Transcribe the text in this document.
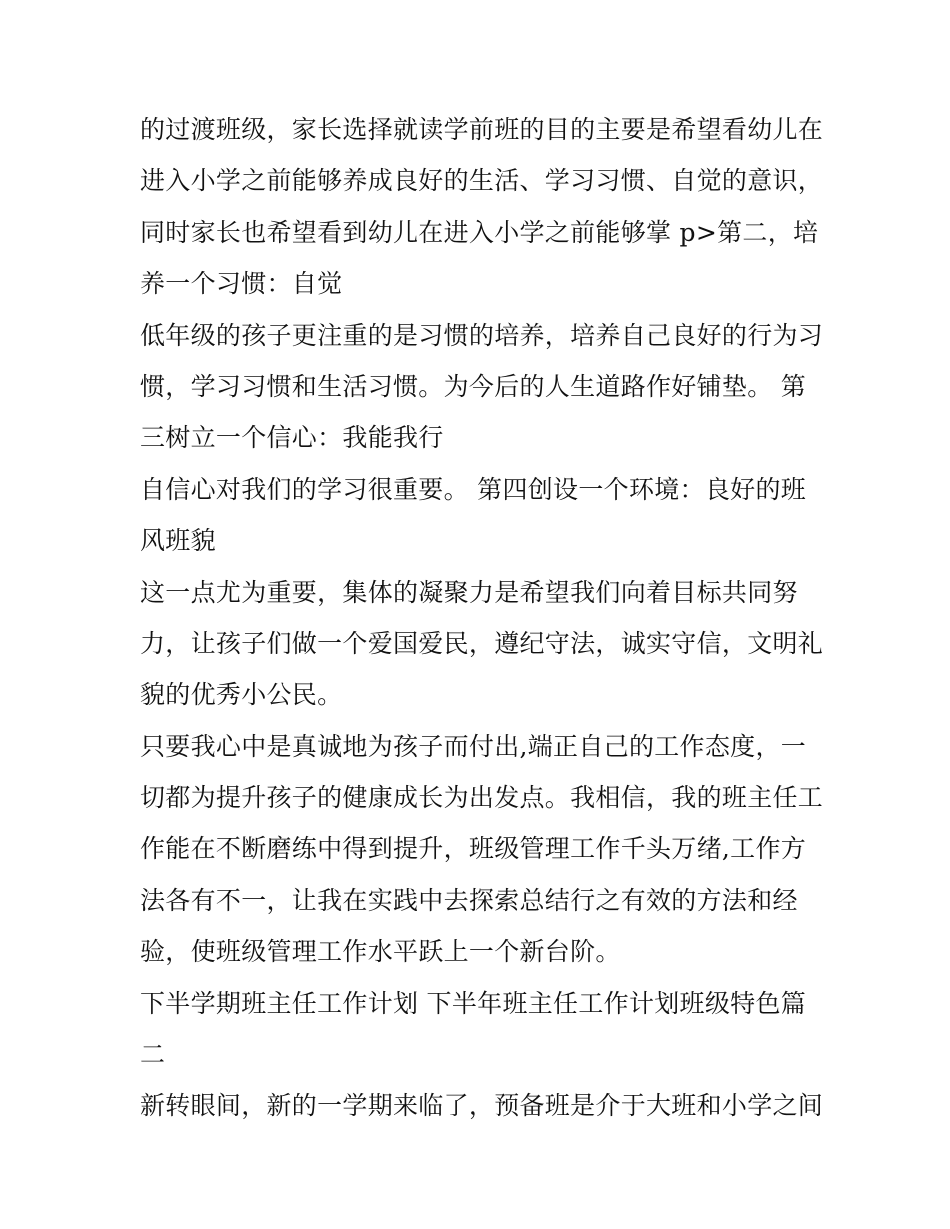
的过渡班级，家长选择就读学前班的目的主要是希望看幼儿在
进入小学之前能够养成良好的生活、学习习惯、自觉的意识，
同时家长也希望看到幼儿在进入小学之前能够掌 p>第二，培
养一个习惯：自觉
低年级的孩子更注重的是习惯的培养，培养自己良好的行为习
惯，学习习惯和生活习惯。为今后的人生道路作好铺垫。 第
三树立一个信心：我能我行
自信心对我们的学习很重要。 第四创设一个环境：良好的班
风班貌
这一点尤为重要，集体的凝聚力是希望我们向着目标共同努
力，让孩子们做一个爱国爱民，遵纪守法，诚实守信，文明礼
貌的优秀小公民。
只要我心中是真诚地为孩子而付出,端正自己的工作态度，一
切都为提升孩子的健康成长为出发点。我相信，我的班主任工
作能在不断磨练中得到提升，班级管理工作千头万绪,工作方
法各有不一，让我在实践中去探索总结行之有效的方法和经
验，使班级管理工作水平跃上一个新台阶。
下半学期班主任工作计划 下半年班主任工作计划班级特色篇
二
新转眼间，新的一学期来临了，预备班是介于大班和小学之间
